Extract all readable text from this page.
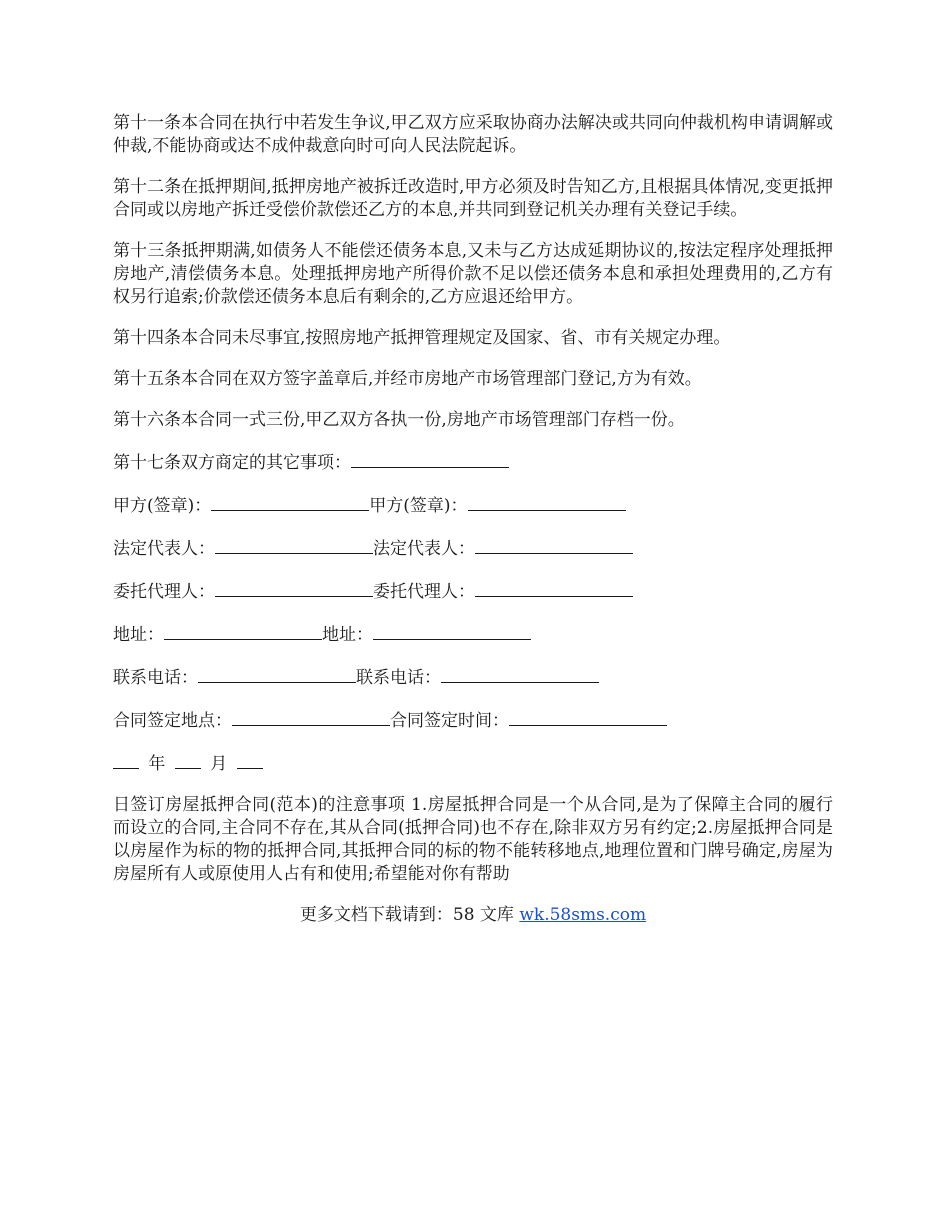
第十一条本合同在执行中若发生争议,甲乙双方应采取协商办法解决或共同向仲裁机构申请调解或仲裁,不能协商或达不成仲裁意向时可向人民法院起诉。

第十二条在抵押期间,抵押房地产被拆迁改造时,甲方必须及时告知乙方,且根据具体情况,变更抵押合同或以房地产拆迁受偿价款偿还乙方的本息,并共同到登记机关办理有关登记手续。

第十三条抵押期满,如债务人不能偿还债务本息,又未与乙方达成延期协议的,按法定程序处理抵押房地产,清偿债务本息。处理抵押房地产所得价款不足以偿还债务本息和承担处理费用的,乙方有权另行追索;价款偿还债务本息后有剩余的,乙方应退还给甲方。

第十四条本合同未尽事宜,按照房地产抵押管理规定及国家、省、市有关规定办理。

第十五条本合同在双方签字盖章后,并经市房地产市场管理部门登记,方为有效。

第十六条本合同一式三份,甲乙双方各执一份,房地产市场管理部门存档一份。

第十七条双方商定的其它事项：
甲方(签章)：	甲方(签章)：
法定代表人：	法定代表人：
委托代理人：	委托代理人：
地址：	地址：
联系电话：	联系电话：
合同签定地点：	合同签定时间：
年	月

日签订房屋抵押合同(范本)的注意事项 1.房屋抵押合同是一个从合同,是为了保障主合同的履行而设立的合同,主合同不存在,其从合同(抵押合同)也不存在,除非双方另有约定;2.房屋抵押合同是以房屋作为标的物的抵押合同,其抵押合同的标的物不能转移地点,地理位置和门牌号确定,房屋为房屋所有人或原使用人占有和使用;希望能对你有帮助

更多文档下载请到：58 文库 wk.58sms.com
